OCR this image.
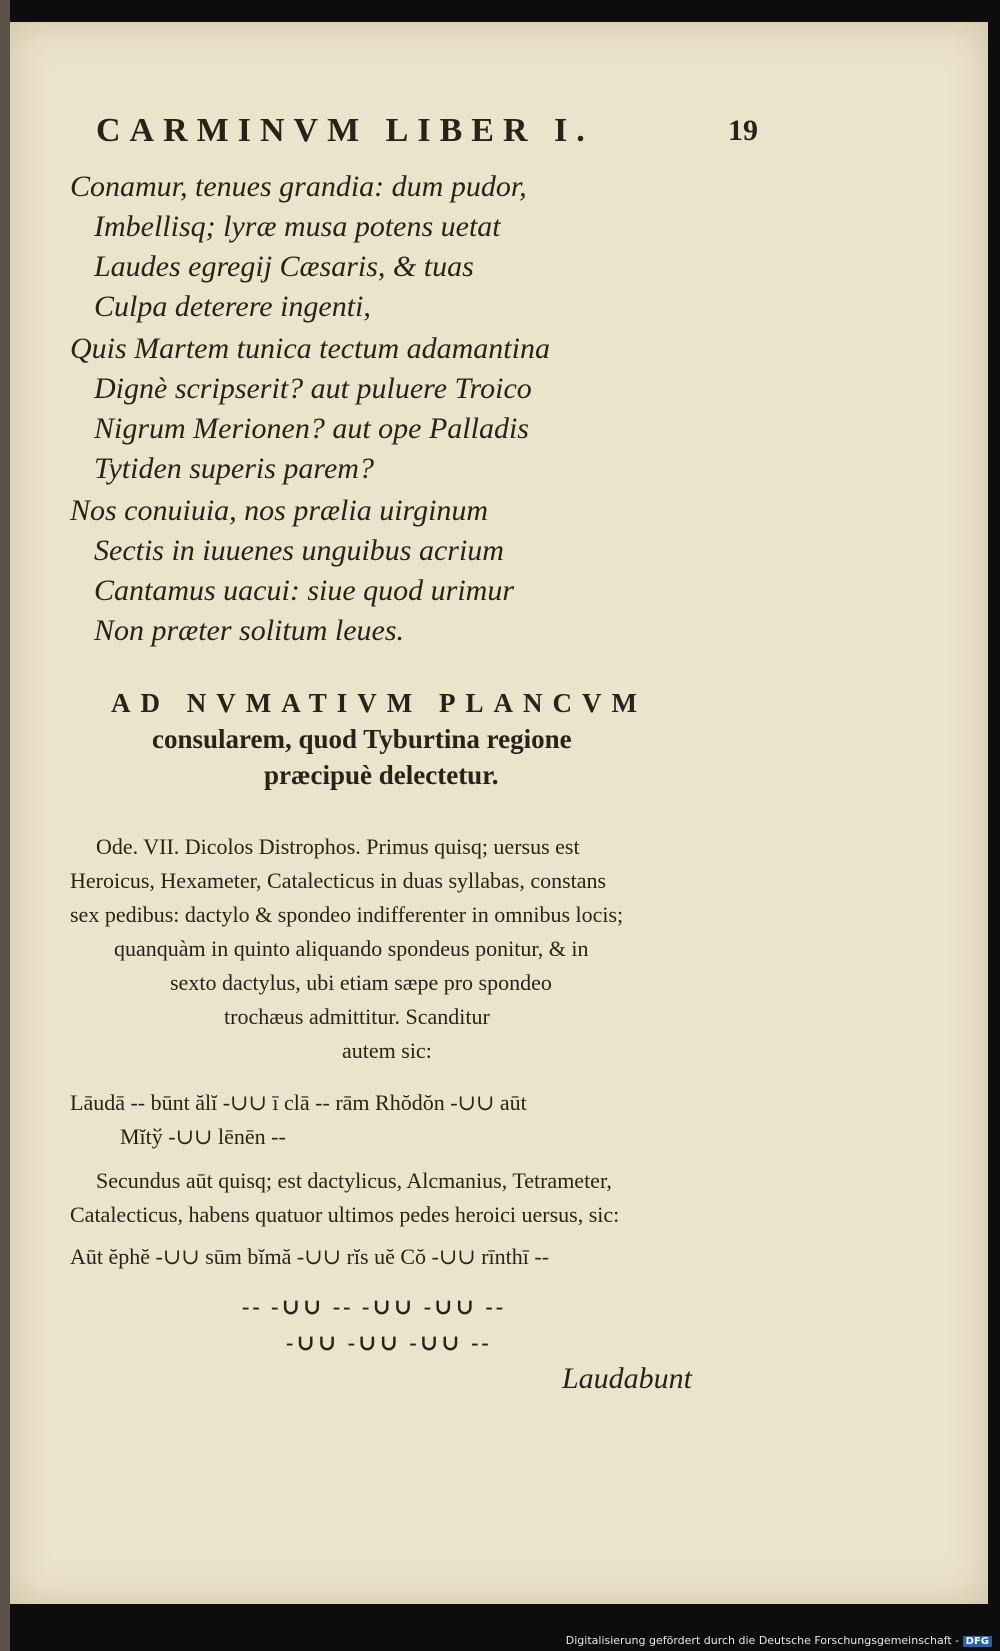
CARMINVM LIBER I.	19
Conamur, tenues grandia: dum pudor,
Imbellisq; lyræ musa potens uetat
Laudes egregij Cæsaris, & tuas
Culpa deterere ingenti,
Quis Martem tunica tectum adamantina
Dignè scripserit? aut puluere Troico
Nigrum Merionen? aut ope Palladis
Tytiden superis parem?
Nos conuiuia, nos prælia uirginum
Sectis in iuuenes unguibus acrium
Cantamus uacui: siue quod urimur
Non præter solitum leues.
AD NVMATIVM PLANCVM
consularem, quod Tyburtina regione
præcipuè delectetur.
Ode. VII. Dicolos Distrophos. Primus quisq; uersus est
Heroicus, Hexameter, Catalecticus in duas syllabas, constans
sex pedibus: dactylo & spondeo indifferenter in omnibus locis;
quanquàm in quinto aliquando spondeus ponitur, & in
sexto dactylus, ubi etiam sæpe pro spondeo
trochæus admittitur. Scanditur
autem sic:
Lāudā -- būnt ălĭ -∪∪ ī clā -- rām Rhŏdŏn -∪∪ aūt
Mĭtў -∪∪ lēnēn --
Secundus aūt quisq; est dactylicus, Alcmanius, Tetrameter,
Catalecticus, habens quatuor ultimos pedes heroici uersus, sic:
Aūt ĕphĕ -∪∪ sūm bĭmă -∪∪ rĭs uĕ Cŏ -∪∪ rīnthī --
-- -∪∪ -- -∪∪ -∪∪ --
-∪∪ -∪∪ -∪∪ --
Laudabunt
Digitalisierung gefördert durch die Deutsche Forschungsgemeinschaft - DFG
